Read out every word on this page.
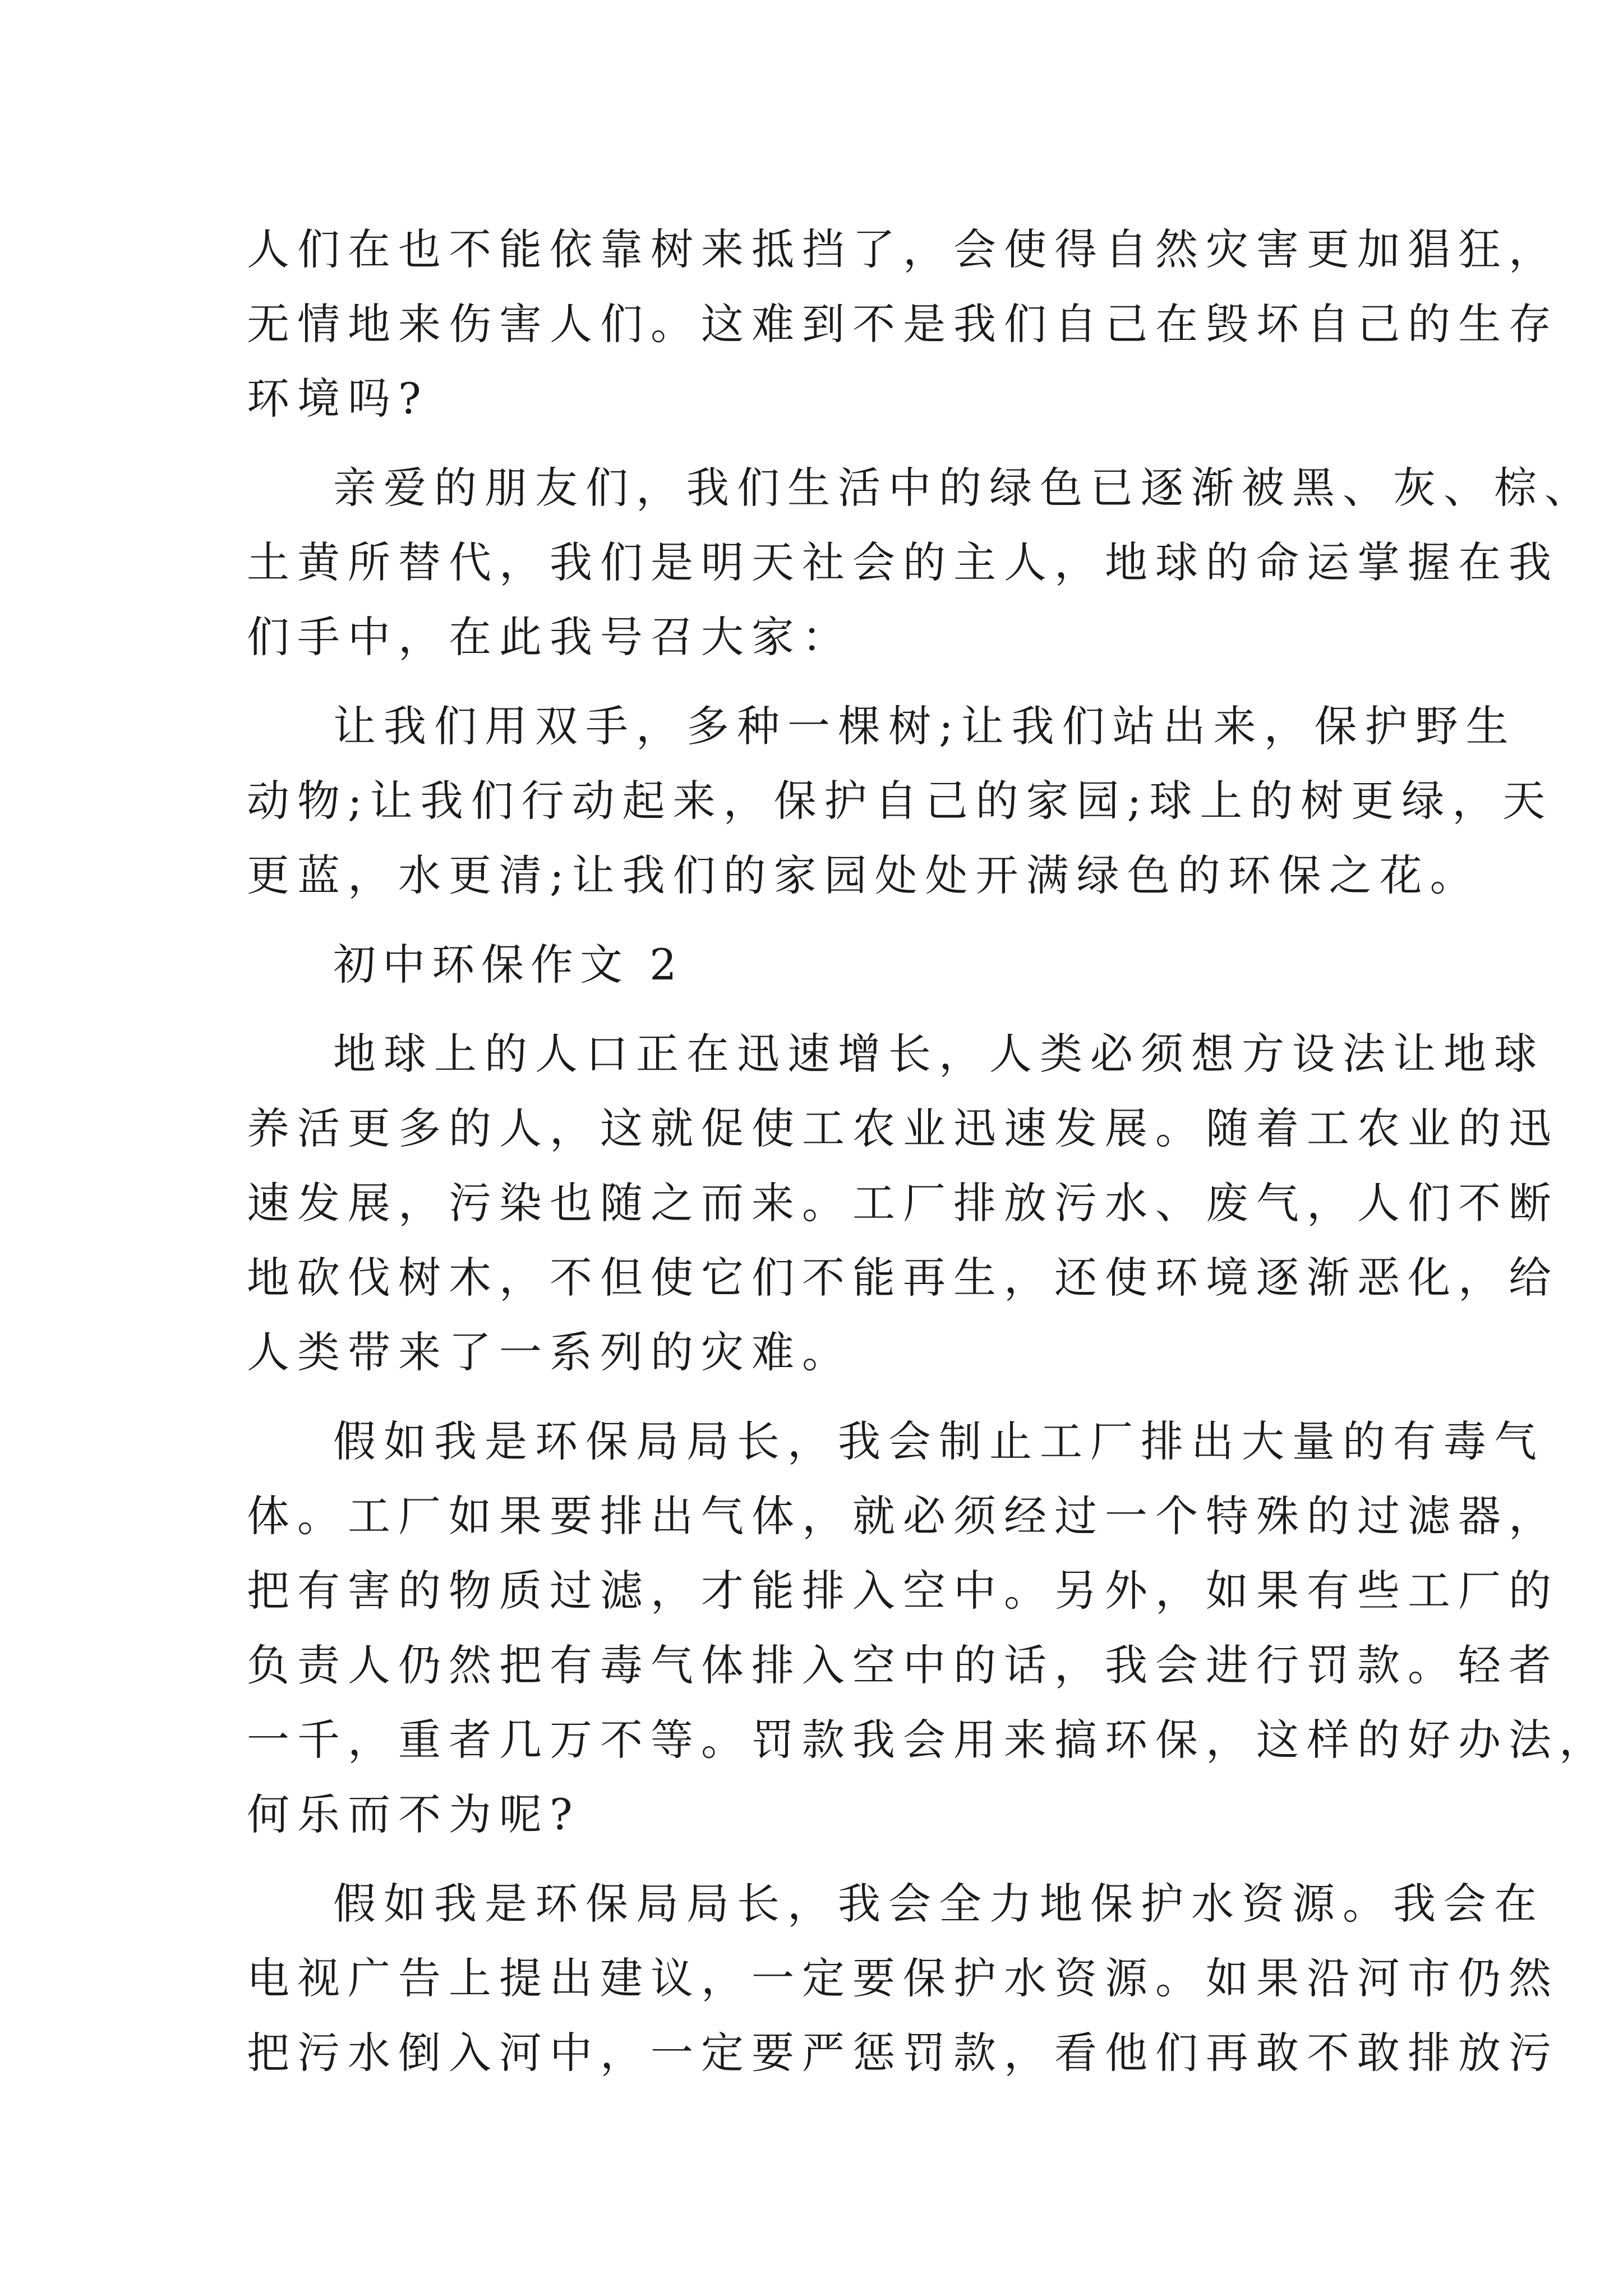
人们在也不能依靠树来抵挡了，会使得自然灾害更加猖狂，

无情地来伤害人们。这难到不是我们自己在毁坏自己的生存

环境吗?

亲爱的朋友们，我们生活中的绿色已逐渐被黑、灰、棕、

土黄所替代，我们是明天社会的主人，地球的命运掌握在我

们手中，在此我号召大家：

让我们用双手，多种一棵树;让我们站出来，保护野生

动物;让我们行动起来，保护自己的家园;球上的树更绿，天

更蓝，水更清;让我们的家园处处开满绿色的环保之花。

初中环保作文 2

地球上的人口正在迅速增长，人类必须想方设法让地球

养活更多的人，这就促使工农业迅速发展。随着工农业的迅

速发展，污染也随之而来。工厂排放污水、废气，人们不断

地砍伐树木，不但使它们不能再生，还使环境逐渐恶化，给

人类带来了一系列的灾难。

假如我是环保局局长，我会制止工厂排出大量的有毒气

体。工厂如果要排出气体，就必须经过一个特殊的过滤器，

把有害的物质过滤，才能排入空中。另外，如果有些工厂的

负责人仍然把有毒气体排入空中的话，我会进行罚款。轻者

一千，重者几万不等。罚款我会用来搞环保，这样的好办法，

何乐而不为呢?

假如我是环保局局长，我会全力地保护水资源。我会在

电视广告上提出建议，一定要保护水资源。如果沿河市仍然

把污水倒入河中，一定要严惩罚款，看他们再敢不敢排放污
